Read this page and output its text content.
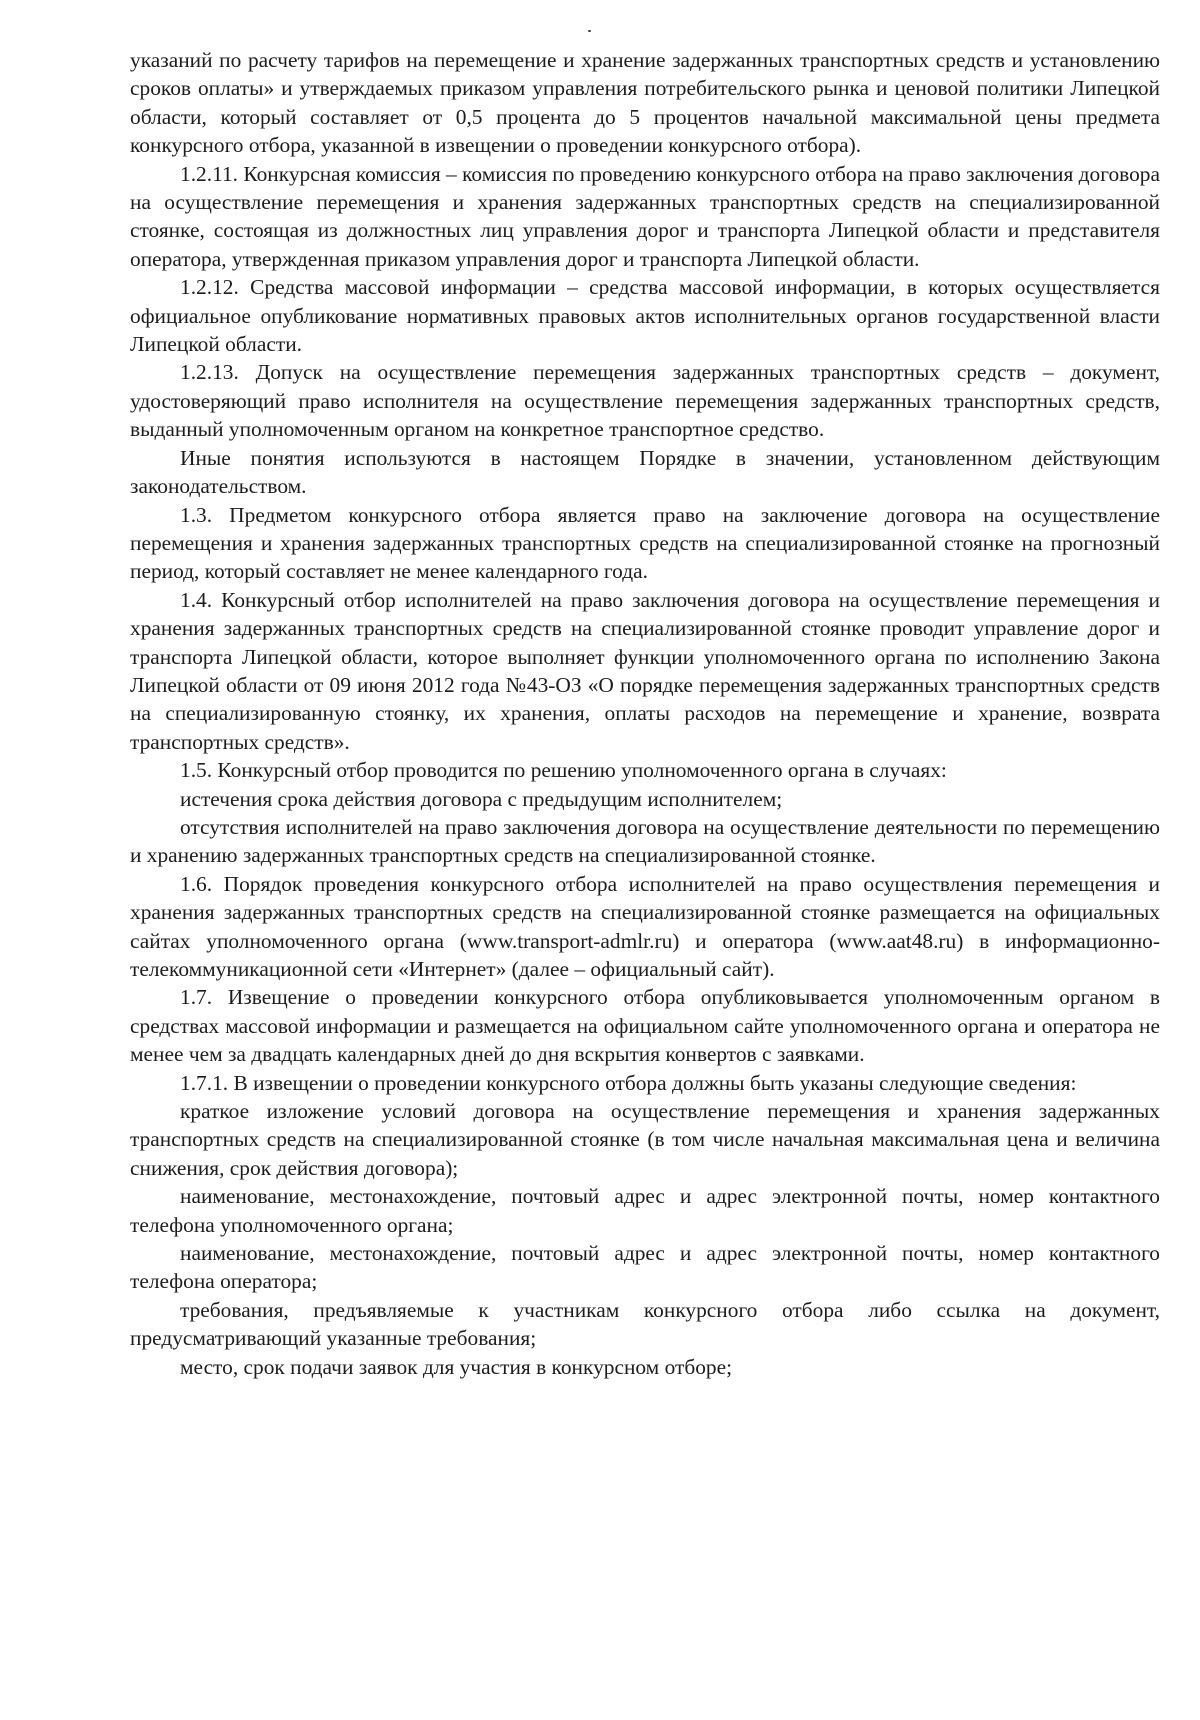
указаний по расчету тарифов на перемещение и хранение задержанных транспортных средств и установлению сроков оплаты» и утверждаемых приказом управления потребительского рынка и ценовой политики Липецкой области, который составляет от 0,5 процента до 5 процентов начальной максимальной цены предмета конкурсного отбора, указанной в извещении о проведении конкурсного отбора).

1.2.11. Конкурсная комиссия – комиссия по проведению конкурсного отбора на право заключения договора на осуществление перемещения и хранения задержанных транспортных средств на специализированной стоянке, состоящая из должностных лиц управления дорог и транспорта Липецкой области и представителя оператора, утвержденная приказом управления дорог и транспорта Липецкой области.

1.2.12. Средства массовой информации – средства массовой информации, в которых осуществляется официальное опубликование нормативных правовых актов исполнительных органов государственной власти Липецкой области.

1.2.13. Допуск на осуществление перемещения задержанных транспортных средств – документ, удостоверяющий право исполнителя на осуществление перемещения задержанных транспортных средств, выданный уполномоченным органом на конкретное транспортное средство.

Иные понятия используются в настоящем Порядке в значении, установленном действующим законодательством.

1.3. Предметом конкурсного отбора является право на заключение договора на осуществление перемещения и хранения задержанных транспортных средств на специализированной стоянке на прогнозный период, который составляет не менее календарного года.

1.4. Конкурсный отбор исполнителей на право заключения договора на осуществление перемещения и хранения задержанных транспортных средств на специализированной стоянке проводит управление дорог и транспорта Липецкой области, которое выполняет функции уполномоченного органа по исполнению Закона Липецкой области от 09 июня 2012 года №43-ОЗ «О порядке перемещения задержанных транспортных средств на специализированную стоянку, их хранения, оплаты расходов на перемещение и хранение, возврата транспортных средств».

1.5. Конкурсный отбор проводится по решению уполномоченного органа в случаях:

истечения срока действия договора с предыдущим исполнителем;

отсутствия исполнителей на право заключения договора на осуществление деятельности по перемещению и хранению задержанных транспортных средств на специализированной стоянке.

1.6. Порядок проведения конкурсного отбора исполнителей на право осуществления перемещения и хранения задержанных транспортных средств на специализированной стоянке размещается на официальных сайтах уполномоченного органа (www.transport-admlr.ru) и оператора (www.aat48.ru) в информационно-телекоммуникационной сети «Интернет» (далее – официальный сайт).

1.7. Извещение о проведении конкурсного отбора опубликовывается уполномоченным органом в средствах массовой информации и размещается на официальном сайте уполномоченного органа и оператора не менее чем за двадцать календарных дней до дня вскрытия конвертов с заявками.

1.7.1. В извещении о проведении конкурсного отбора должны быть указаны следующие сведения:

краткое изложение условий договора на осуществление перемещения и хранения задержанных транспортных средств на специализированной стоянке (в том числе начальная максимальная цена и величина снижения, срок действия договора);

наименование, местонахождение, почтовый адрес и адрес электронной почты, номер контактного телефона уполномоченного органа;

наименование, местонахождение, почтовый адрес и адрес электронной почты, номер контактного телефона оператора;

требования, предъявляемые к участникам конкурсного отбора либо ссылка на документ, предусматривающий указанные требования;

место, срок подачи заявок для участия в конкурсном отборе;
